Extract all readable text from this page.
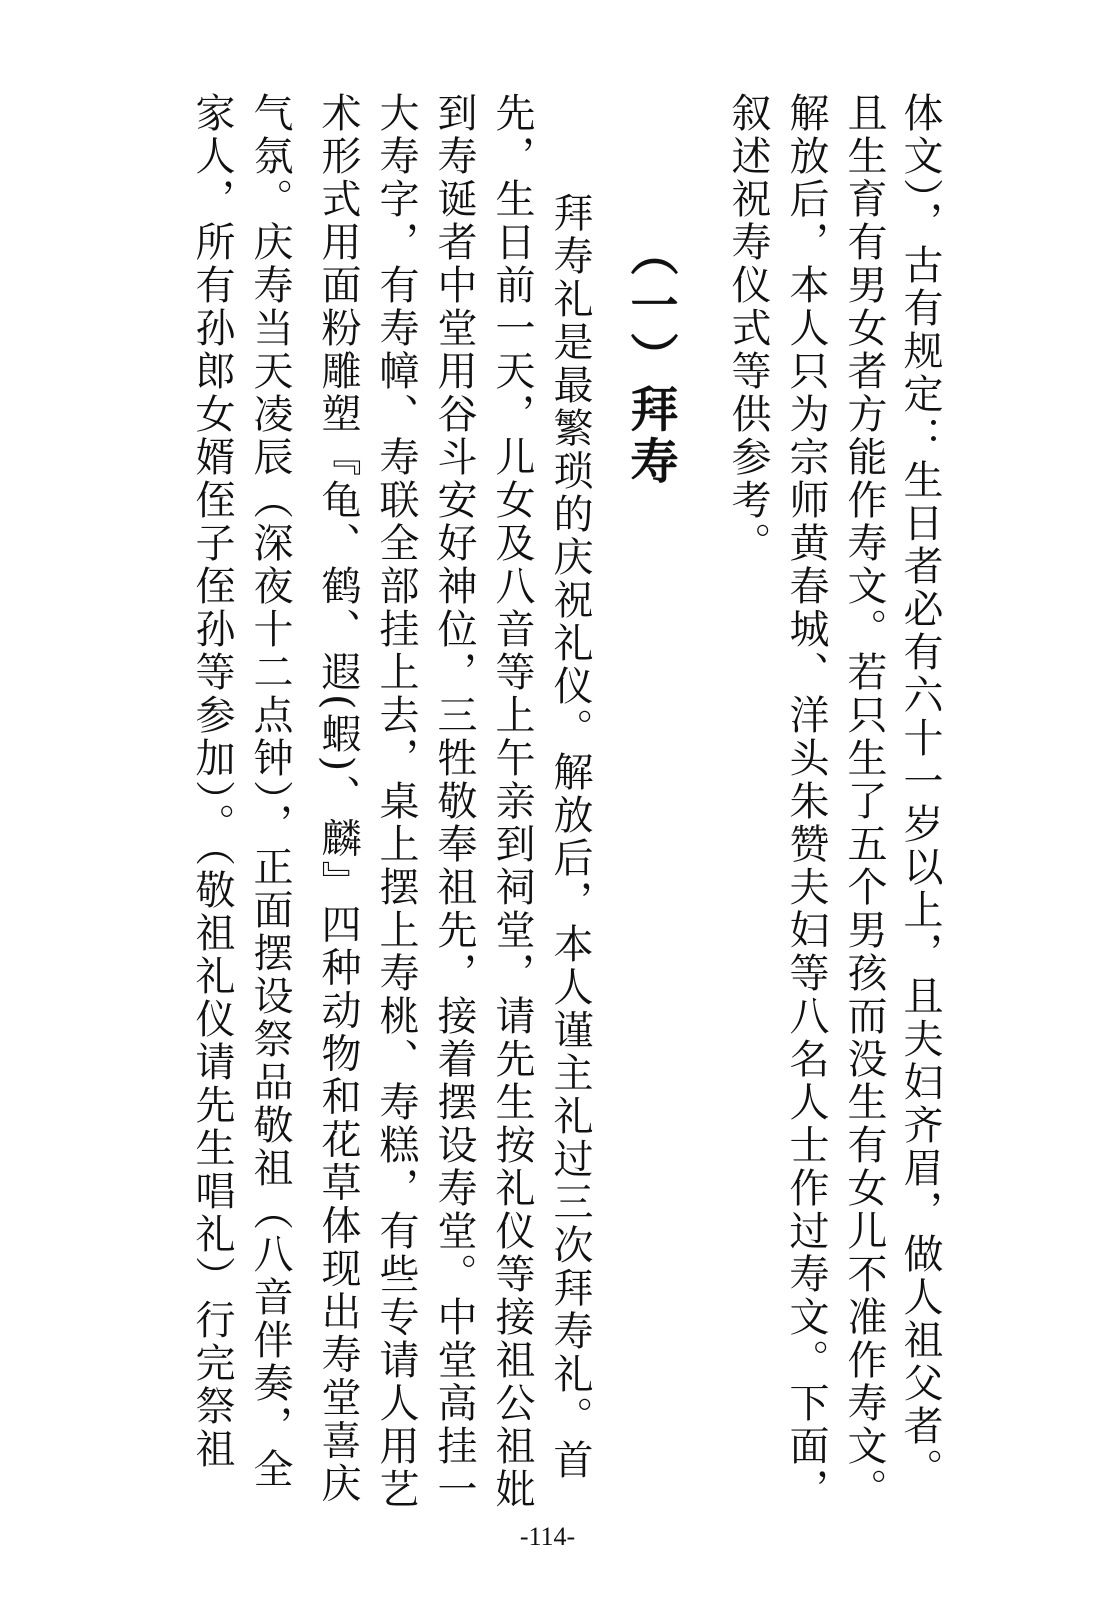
体文），古有规定：生日者必有六十一岁以上，且夫妇齐眉，做人祖父者。
且生育有男女者方能作寿文。若只生了五个男孩而没生有女儿不准作寿文。
解放后，本人只为宗师黄春城、洋头朱赞夫妇等八名人士作过寿文。下面，
叙述祝寿仪式等供参考。
（一）拜寿
拜寿礼是最繁琐的庆祝礼仪。解放后，本人谨主礼过三次拜寿礼。首
先，生日前一天，儿女及八音等上午亲到祠堂，请先生按礼仪等接祖公祖妣
到寿诞者中堂用谷斗安好神位，三牲敬奉祖先，接着摆设寿堂。中堂高挂一
大寿字，有寿幛、寿联全部挂上去，桌上摆上寿桃、寿糕，有些专请人用艺
术形式用面粉雕塑『龟、鹤、遐(蝦)、麟』四种动物和花草体现出寿堂喜庆
气氛。庆寿当天凌辰（深夜十二点钟），正面摆设祭品敬祖（八音伴奏，全
家人，所有孙郎女婿侄子侄孙等参加）。（敬祖礼仪请先生唱礼）行完祭祖
-114-
